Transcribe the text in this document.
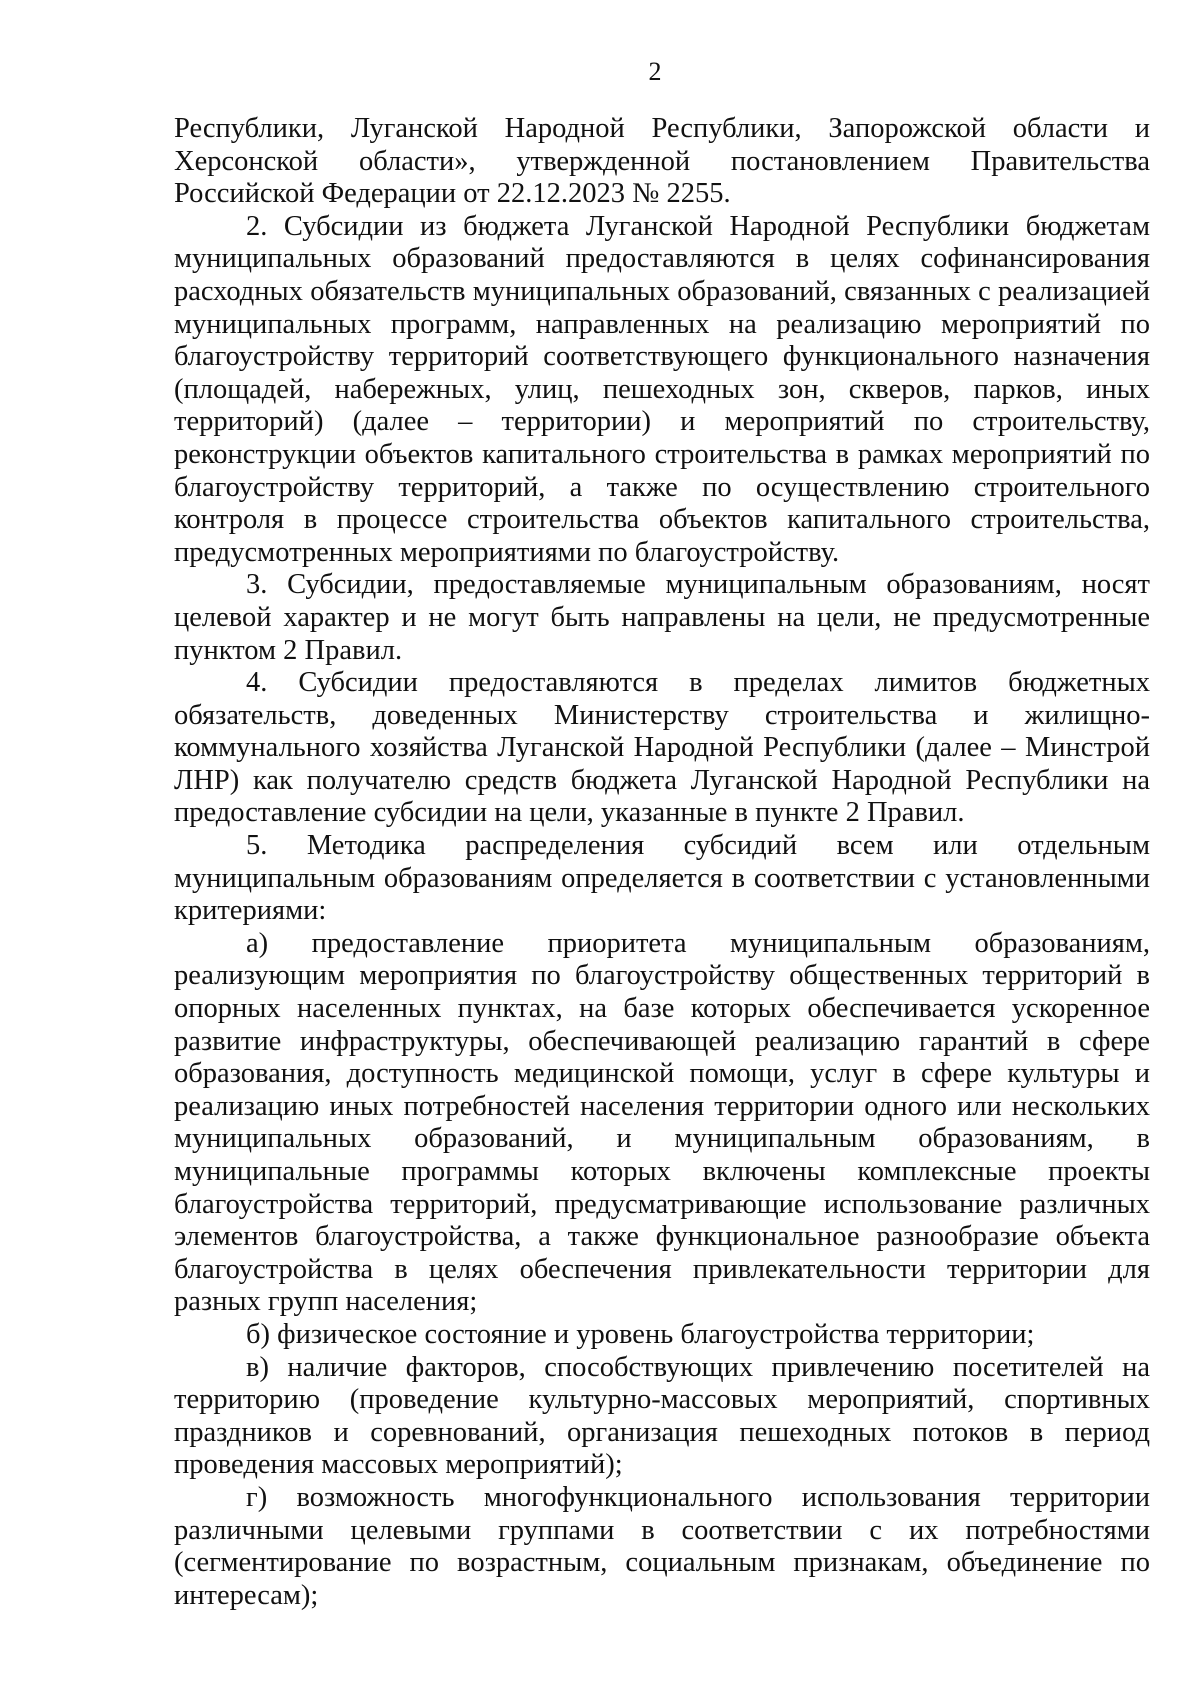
2

Республики, Луганской Народной Республики, Запорожской области и Херсонской области», утвержденной постановлением Правительства Российской Федерации от 22.12.2023 № 2255.

2. Субсидии из бюджета Луганской Народной Республики бюджетам муниципальных образований предоставляются в целях софинансирования расходных обязательств муниципальных образований, связанных с реализацией муниципальных программ, направленных на реализацию мероприятий по благоустройству территорий соответствующего функционального назначения (площадей, набережных, улиц, пешеходных зон, скверов, парков, иных территорий) (далее – территории) и мероприятий по строительству, реконструкции объектов капитального строительства в рамках мероприятий по благоустройству территорий, а также по осуществлению строительного контроля в процессе строительства объектов капитального строительства, предусмотренных мероприятиями по благоустройству.

3. Субсидии, предоставляемые муниципальным образованиям, носят целевой характер и не могут быть направлены на цели, не предусмотренные пунктом 2 Правил.

4. Субсидии предоставляются в пределах лимитов бюджетных обязательств, доведенных Министерству строительства и жилищно-коммунального хозяйства Луганской Народной Республики (далее – Минстрой ЛНР) как получателю средств бюджета Луганской Народной Республики на предоставление субсидии на цели, указанные в пункте 2 Правил.

5. Методика распределения субсидий всем или отдельным муниципальным образованиям определяется в соответствии с установленными критериями:

а) предоставление приоритета муниципальным образованиям, реализующим мероприятия по благоустройству общественных территорий в опорных населенных пунктах, на базе которых обеспечивается ускоренное развитие инфраструктуры, обеспечивающей реализацию гарантий в сфере образования, доступность медицинской помощи, услуг в сфере культуры и реализацию иных потребностей населения территории одного или нескольких муниципальных образований, и муниципальным образованиям, в муниципальные программы которых включены комплексные проекты благоустройства территорий, предусматривающие использование различных элементов благоустройства, а также функциональное разнообразие объекта благоустройства в целях обеспечения привлекательности территории для разных групп населения;

б) физическое состояние и уровень благоустройства территории;

в) наличие факторов, способствующих привлечению посетителей на территорию (проведение культурно-массовых мероприятий, спортивных праздников и соревнований, организация пешеходных потоков в период проведения массовых мероприятий);

г) возможность многофункционального использования территории различными целевыми группами в соответствии с их потребностями (сегментирование по возрастным, социальным признакам, объединение по интересам);
